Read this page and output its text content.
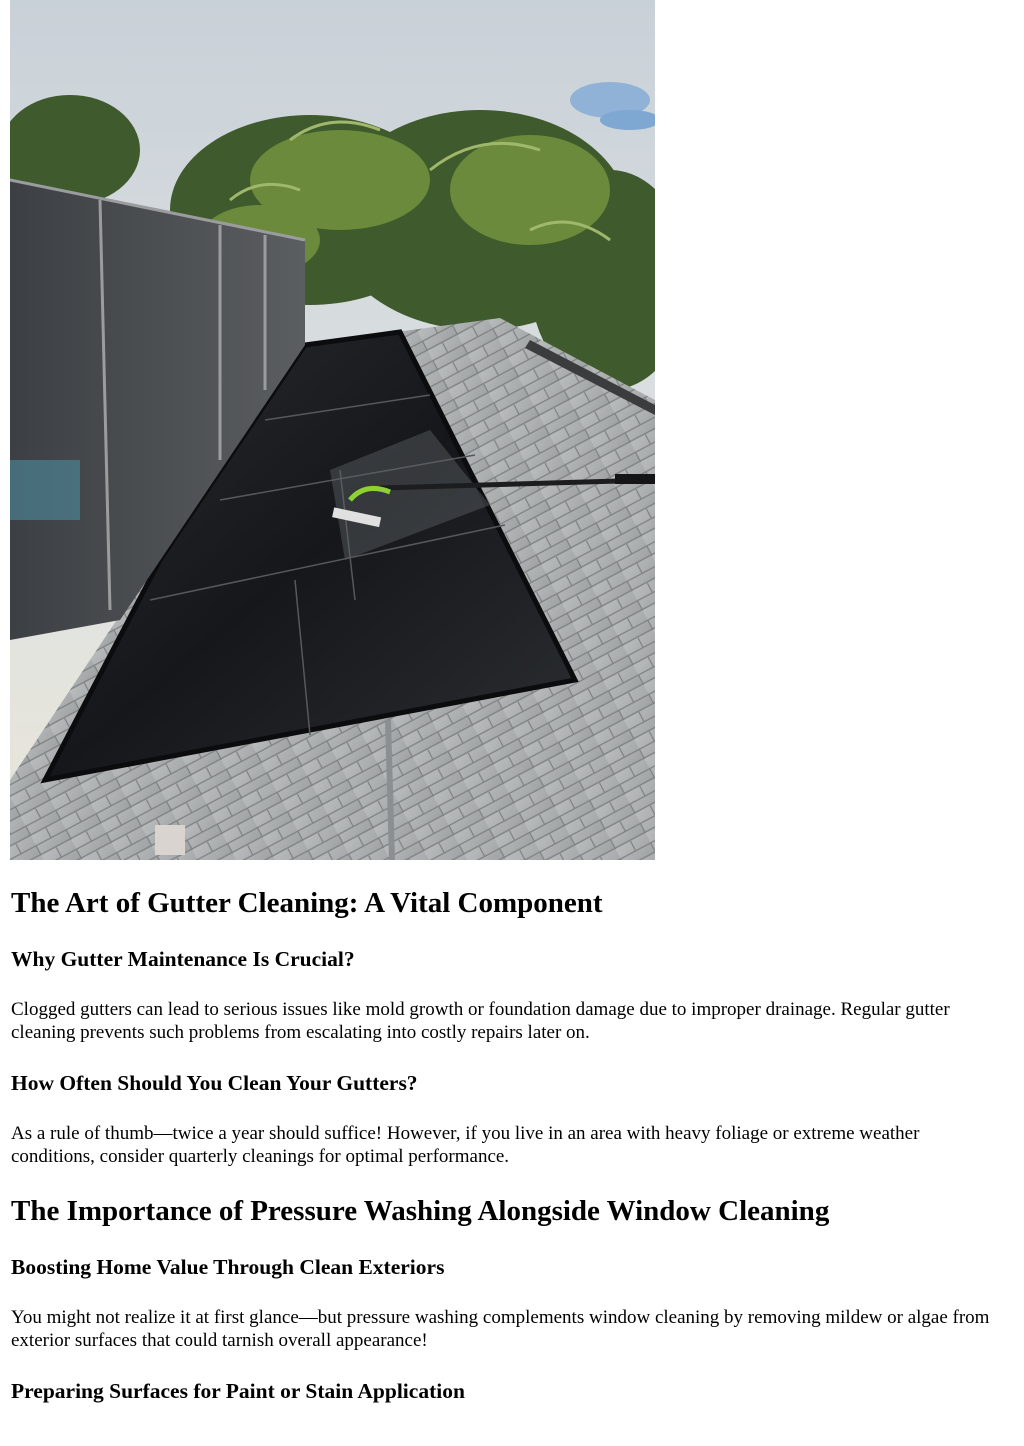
The Art of Gutter Cleaning: A Vital Component
Why Gutter Maintenance Is Crucial?

Clogged gutters can lead to serious issues like mold growth or foundation damage due to improper drainage. Regular gutter cleaning prevents such problems from escalating into costly repairs later on.

How Often Should You Clean Your Gutters?

As a rule of thumb—twice a year should suffice! However, if you live in an area with heavy foliage or extreme weather conditions, consider quarterly cleanings for optimal performance.

The Importance of Pressure Washing Alongside Window Cleaning
Boosting Home Value Through Clean Exteriors

You might not realize it at first glance—but pressure washing complements window cleaning by removing mildew or algae from exterior surfaces that could tarnish overall appearance!

Preparing Surfaces for Paint or Stain Application
